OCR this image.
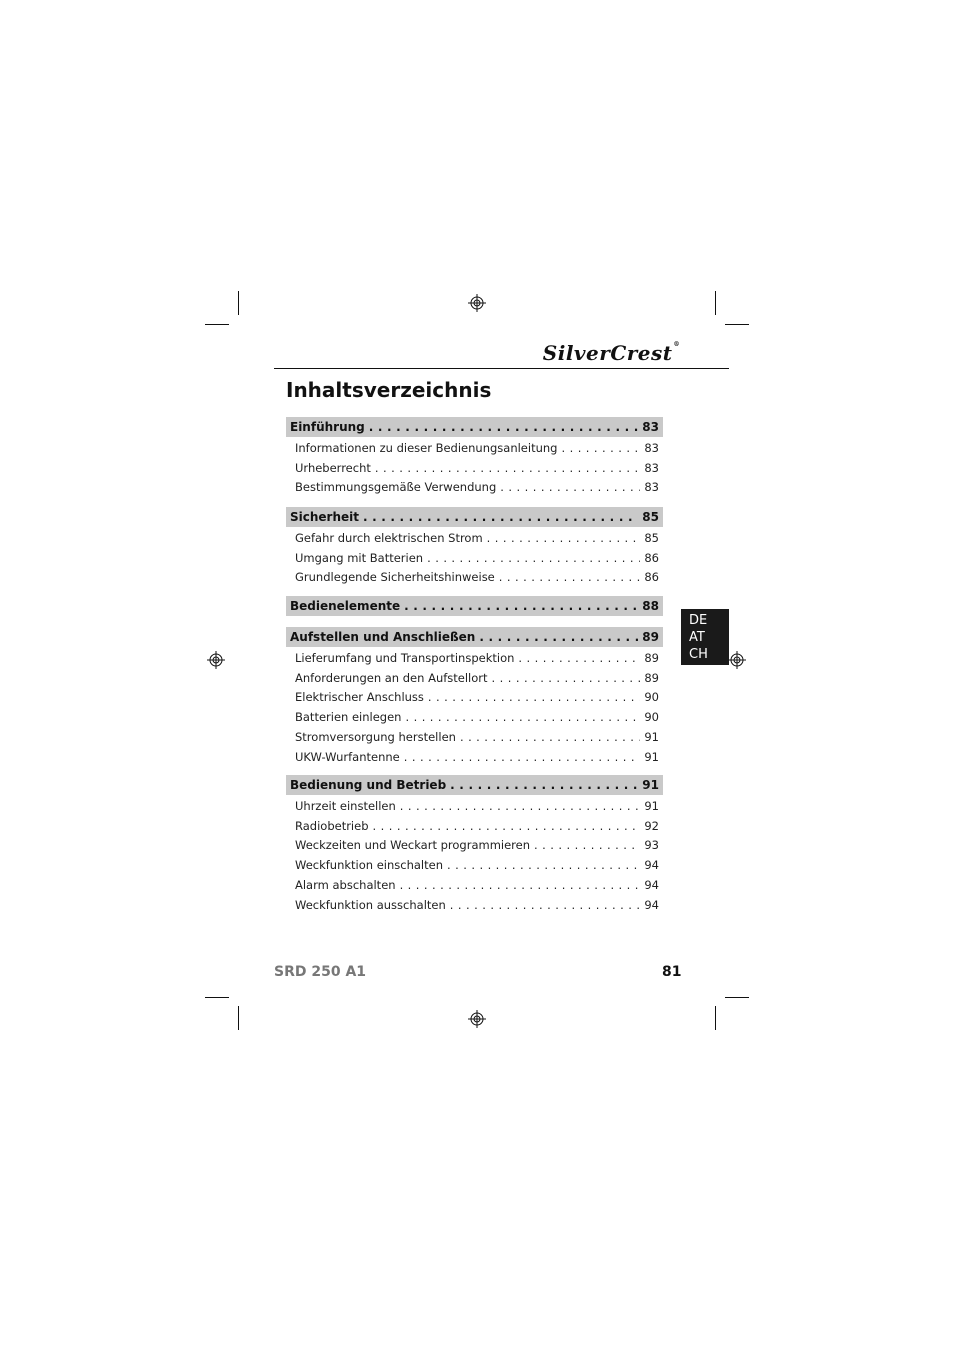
SilverCrest®
Inhaltsverzeichnis
Einführung . . .	83
Informationen zu dieser Bedienungsanleitung . . .	83
Urheberrecht . . .	83
Bestimmungsgemäße Verwendung . . .	83
Sicherheit . . .	85
Gefahr durch elektrischen Strom . . .	85
Umgang mit Batterien . . .	86
Grundlegende Sicherheitshinweise . . .	86
Bedienelemente . . .	88
Aufstellen und Anschließen . . .	89
Lieferumfang und Transportinspektion . . .	89
Anforderungen an den Aufstellort . . .	89
Elektrischer Anschluss . . .	90
Batterien einlegen . . .	90
Stromversorgung herstellen . . .	91
UKW-Wurfantenne . . .	91
Bedienung und Betrieb . . .	91
Uhrzeit einstellen . . .	91
Radiobetrieb . . .	92
Weckzeiten und Weckart programmieren . . .	93
Weckfunktion einschalten . . .	94
Alarm abschalten . . .	94
Weckfunktion ausschalten . . .	94
DE
AT
CH
SRD 250 A1	81
